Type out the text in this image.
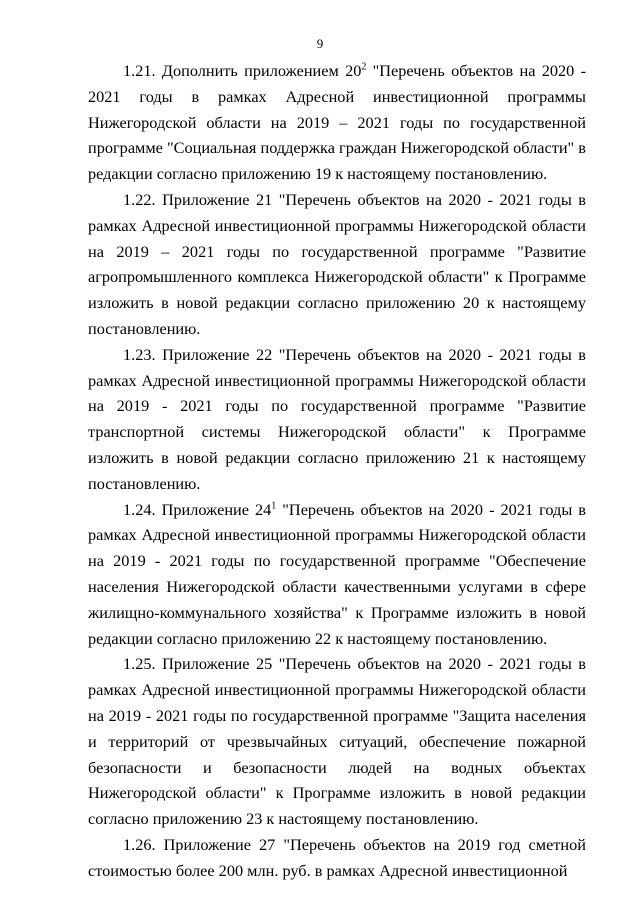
9

1.21. Дополнить приложением $20^2$ "Перечень объектов на 2020 - 2021 годы в рамках Адресной инвестиционной программы Нижегородской области на 2019 – 2021 годы по государственной программе "Социальная поддержка граждан Нижегородской области" в редакции согласно приложению 19 к настоящему постановлению.

1.22. Приложение 21 "Перечень объектов на 2020 - 2021 годы в рамках Адресной инвестиционной программы Нижегородской области на 2019 – 2021 годы по государственной программе "Развитие агропромышленного комплекса Нижегородской области" к Программе изложить в новой редакции согласно приложению 20 к настоящему постановлению.

1.23. Приложение 22 "Перечень объектов на 2020 - 2021 годы в рамках Адресной инвестиционной программы Нижегородской области на 2019 - 2021 годы по государственной программе "Развитие транспортной системы Нижегородской области" к Программе изложить в новой редакции согласно приложению 21 к настоящему постановлению.

1.24. Приложение $24^1$ "Перечень объектов на 2020 - 2021 годы в рамках Адресной инвестиционной программы Нижегородской области на 2019 - 2021 годы по государственной программе "Обеспечение населения Нижегородской области качественными услугами в сфере жилищно-коммунального хозяйства" к Программе изложить в новой редакции согласно приложению 22 к настоящему постановлению.

1.25. Приложение 25 "Перечень объектов на 2020 - 2021 годы в рамках Адресной инвестиционной программы Нижегородской области на 2019 - 2021 годы по государственной программе "Защита населения и территорий от чрезвычайных ситуаций, обеспечение пожарной безопасности и безопасности людей на водных объектах Нижегородской области" к Программе изложить в новой редакции согласно приложению 23 к настоящему постановлению.

1.26. Приложение 27 "Перечень объектов на 2019 год сметной стоимостью более 200 млн. руб. в рамках Адресной инвестиционной
